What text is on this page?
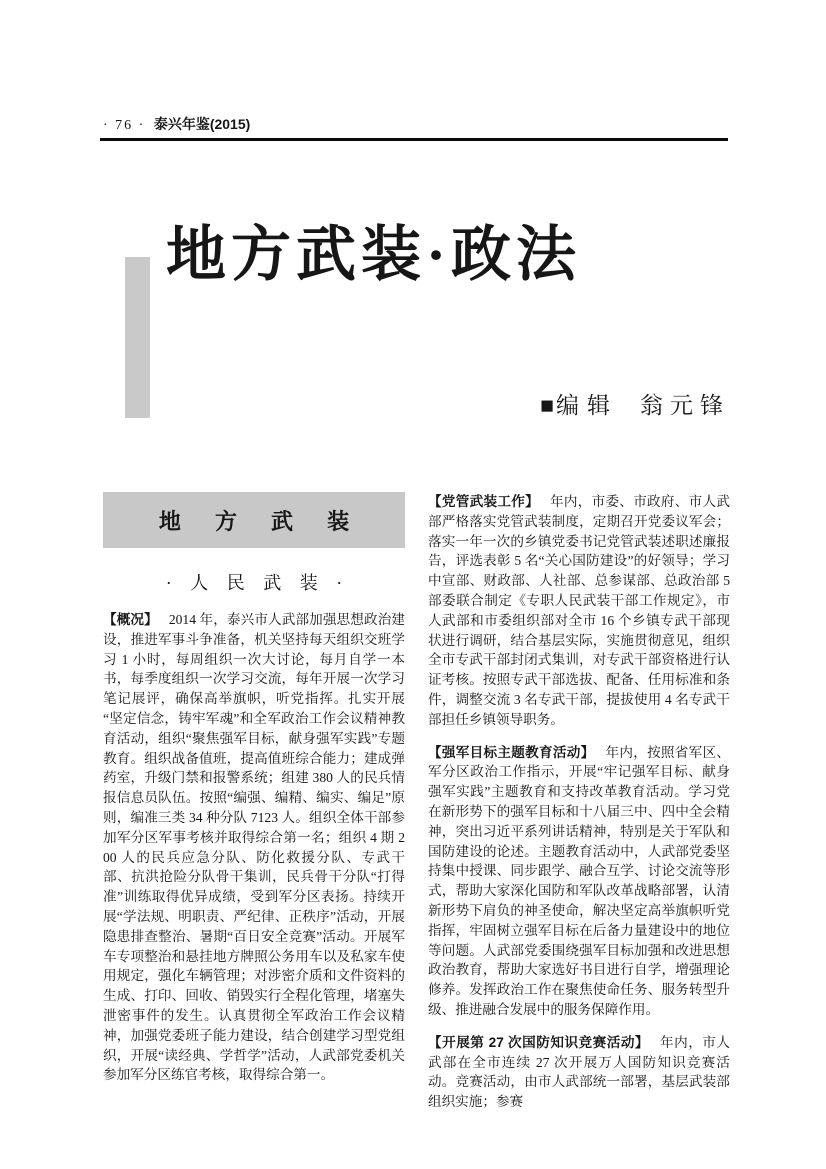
· 76 · 泰兴年鉴(2015)
地方武装·政法
■编辑 翁元锋
地 方 武 装
· 人 民 武 装 ·

【概况】 2014 年，泰兴市人武部加强思想政治建设，推进军事斗争准备，机关坚持每天组织交班学习 1 小时，每周组织一次大讨论，每月自学一本书，每季度组织一次学习交流，每年开展一次学习笔记展评，确保高举旗帜，听党指挥。扎实开展“坚定信念，铸牢军魂”和全军政治工作会议精神教育活动，组织“聚焦强军目标，献身强军实践”专题教育。组织战备值班，提高值班综合能力；建成弹药室，升级门禁和报警系统；组建 380 人的民兵情报信息员队伍。按照“编强、编精、编实、编足”原则，编准三类 34 种分队 7123 人。组织全体干部参加军分区军事考核并取得综合第一名；组织 4 期 200 人的民兵应急分队、防化救援分队、专武干部、抗洪抢险分队骨干集训，民兵骨干分队“打得准”训练取得优异成绩，受到军分区表扬。持续开展“学法规、明职责、严纪律、正秩序”活动，开展隐患排查整治、暑期“百日安全竞赛”活动。开展军车专项整治和悬挂地方牌照公务用车以及私家车使用规定，强化车辆管理；对涉密介质和文件资料的生成、打印、回收、销毁实行全程化管理，堵塞失泄密事件的发生。认真贯彻全军政治工作会议精神，加强党委班子能力建设，结合创建学习型党组织，开展“读经典、学哲学”活动，人武部党委机关参加军分区练官考核，取得综合第一。

【党管武装工作】 年内，市委、市政府、市人武部严格落实党管武装制度，定期召开党委议军会；落实一年一次的乡镇党委书记党管武装述职述廉报告，评选表彰 5 名“关心国防建设”的好领导；学习中宣部、财政部、人社部、总参谋部、总政治部 5 部委联合制定《专职人民武装干部工作规定》，市人武部和市委组织部对全市 16 个乡镇专武干部现状进行调研，结合基层实际，实施贯彻意见，组织全市专武干部封闭式集训，对专武干部资格进行认证考核。按照专武干部选拔、配备、任用标准和条件，调整交流 3 名专武干部，提拔使用 4 名专武干部担任乡镇领导职务。

【强军目标主题教育活动】 年内，按照省军区、军分区政治工作指示，开展“牢记强军目标、献身强军实践”主题教育和支持改革教育活动。学习党在新形势下的强军目标和十八届三中、四中全会精神，突出习近平系列讲话精神，特别是关于军队和国防建设的论述。主题教育活动中，人武部党委坚持集中授课、同步跟学、融合互学、讨论交流等形式，帮助大家深化国防和军队改革战略部署，认清新形势下肩负的神圣使命，解决坚定高举旗帜听党指挥，牢固树立强军目标在后备力量建设中的地位等问题。人武部党委围绕强军目标加强和改进思想政治教育，帮助大家选好书目进行自学，增强理论修养。发挥政治工作在聚焦使命任务、服务转型升级、推进融合发展中的服务保障作用。

【开展第 27 次国防知识竞赛活动】 年内，市人武部在全市连续 27 次开展万人国防知识竞赛活动。竞赛活动，由市人武部统一部署，基层武装部组织实施；参赛
